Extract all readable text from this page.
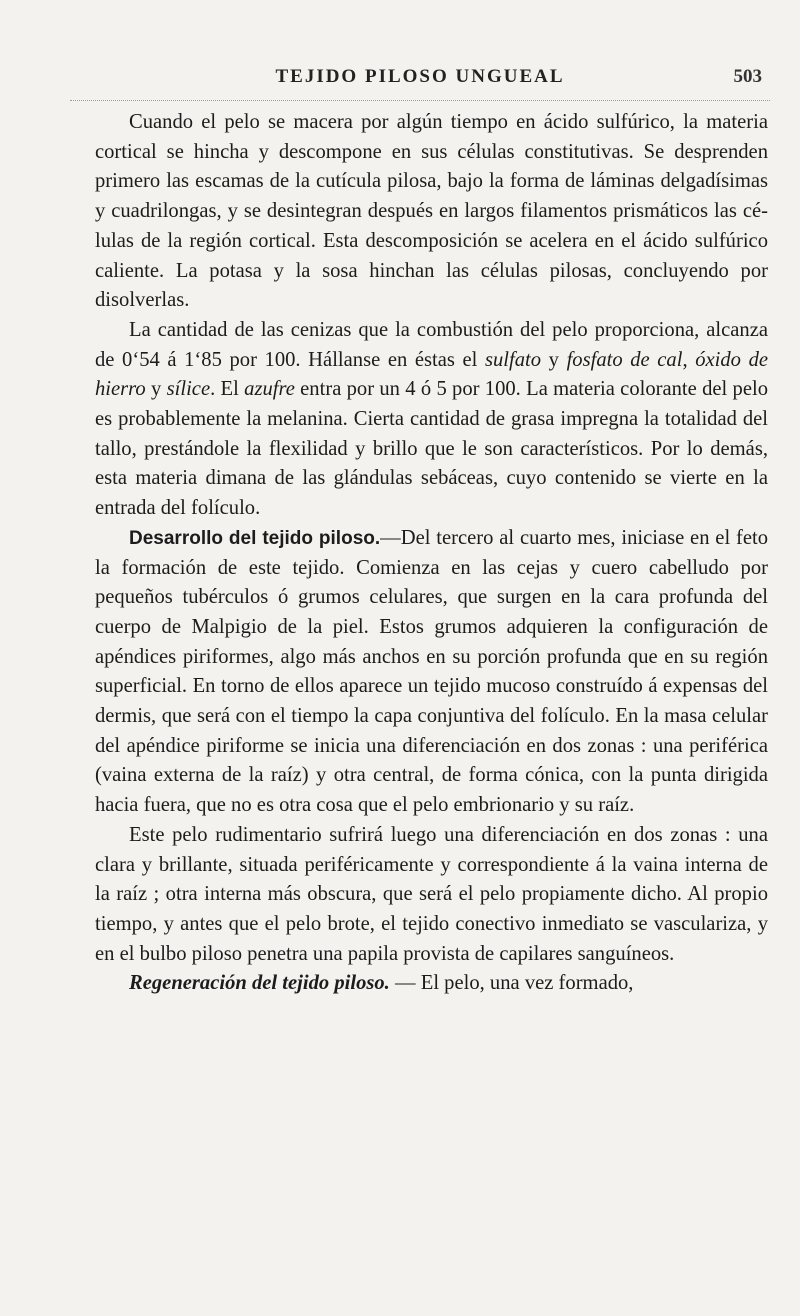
TEJIDO PILOSO UNGUEAL	503

Cuando el pelo se macera por algún tiempo en ácido sulfúrico, la materia cortical se hincha y descompone en sus células constitutivas. Se desprenden primero las escamas de la cutícula pilosa, bajo la forma de láminas delgadísimas y cuadrilongas, y se desintegran después en largos filamentos prismáticos las células de la región cortical. Esta descomposición se acelera en el ácido sulfúrico caliente. La potasa y la sosa hinchan las células pilosas, concluyendo por disolverlas.

La cantidad de las cenizas que la combustión del pelo proporciona, alcanza de 0‘54 á 1‘85 por 100. Hállanse en éstas el sulfato y fosfato de cal, óxido de hierro y sílice. El azufre entra por un 4 ó 5 por 100. La materia colorante del pelo es probablemente la melanina. Cierta cantidad de grasa impregna la totalidad del tallo, prestándole la flexilidad y brillo que le son característicos. Por lo demás, esta materia dimana de las glándulas sebáceas, cuyo contenido se vierte en la entrada del folículo.

Desarrollo del tejido piloso.—Del tercero al cuarto mes, iniciase en el feto la formación de este tejido. Comienza en las cejas y cuero cabelludo por pequeños tubérculos ó grumos celulares, que surgen en la cara profunda del cuerpo de Malpigio de la piel. Estos grumos adquieren la configuración de apéndices piriformes, algo más anchos en su porción profunda que en su región superficial. En torno de ellos aparece un tejido mucoso construído á expensas del dermis, que será con el tiempo la capa conjuntiva del folículo. En la masa celular del apéndice piriforme se inicia una diferenciación en dos zonas : una periférica (vaina externa de la raíz) y otra central, de forma cónica, con la punta dirigida hacia fuera, que no es otra cosa que el pelo embrionario y su raíz.

Este pelo rudimentario sufrirá luego una diferenciación en dos zonas : una clara y brillante, situada periféricamente y correspondiente á la vaina interna de la raíz ; otra interna más obscura, que será el pelo propiamente dicho. Al propio tiempo, y antes que el pelo brote, el tejido conectivo inmediato se vasculariza, y en el bulbo piloso penetra una papila provista de capilares sanguíneos.

Regeneración del tejido piloso. — El pelo, una vez formado,
